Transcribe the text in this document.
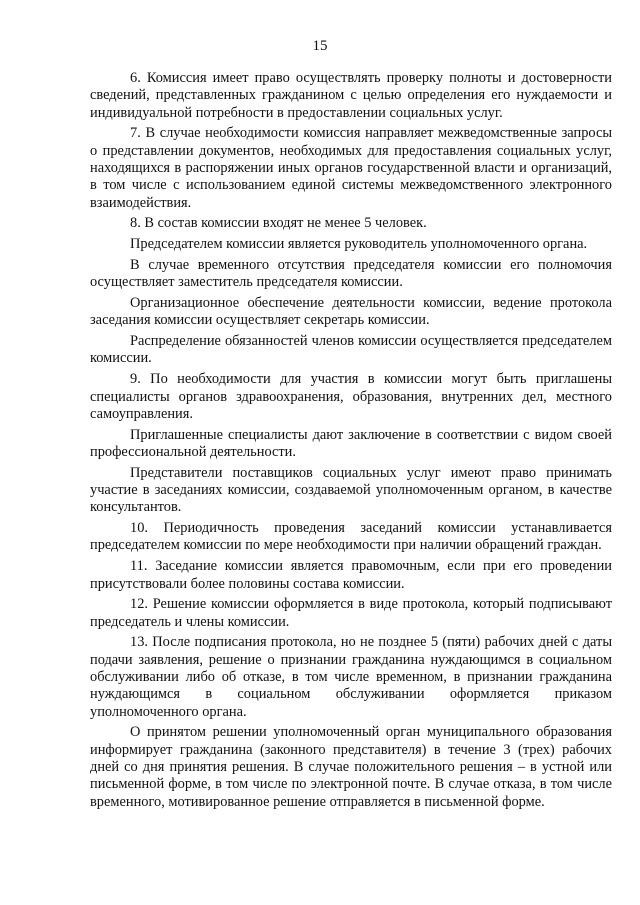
15

6. Комиссия имеет право осуществлять проверку полноты и достоверности сведений, представленных гражданином с целью определения его нуждаемости и индивидуальной потребности в предоставлении социальных услуг.

7. В случае необходимости комиссия направляет межведомственные запросы о представлении документов, необходимых для предоставления социальных услуг, находящихся в распоряжении иных органов государственной власти и организаций, в том числе с использованием единой системы межведомственного электронного взаимодействия.

8. В состав комиссии входят не менее 5 человек.

Председателем комиссии является руководитель уполномоченного органа.

В случае временного отсутствия председателя комиссии его полномочия осуществляет заместитель председателя комиссии.

Организационное обеспечение деятельности комиссии, ведение протокола заседания комиссии осуществляет секретарь комиссии.

Распределение обязанностей членов комиссии осуществляется председателем комиссии.

9. По необходимости для участия в комиссии могут быть приглашены специалисты органов здравоохранения, образования, внутренних дел, местного самоуправления.

Приглашенные специалисты дают заключение в соответствии с видом своей профессиональной деятельности.

Представители поставщиков социальных услуг имеют право принимать участие в заседаниях комиссии, создаваемой уполномоченным органом, в качестве консультантов.

10. Периодичность проведения заседаний комиссии устанавливается председателем комиссии по мере необходимости при наличии обращений граждан.

11. Заседание комиссии является правомочным, если при его проведении присутствовали более половины состава комиссии.

12. Решение комиссии оформляется в виде протокола, который подписывают председатель и члены комиссии.

13. После подписания протокола, но не позднее 5 (пяти) рабочих дней с даты подачи заявления, решение о признании гражданина нуждающимся в социальном обслуживании либо об отказе, в том числе временном, в признании гражданина нуждающимся в социальном обслуживании оформляется приказом уполномоченного органа.

О принятом решении уполномоченный орган муниципального образования информирует гражданина (законного представителя) в течение 3 (трех) рабочих дней со дня принятия решения. В случае положительного решения – в устной или письменной форме, в том числе по электронной почте. В случае отказа, в том числе временного, мотивированное решение отправляется в письменной форме.
